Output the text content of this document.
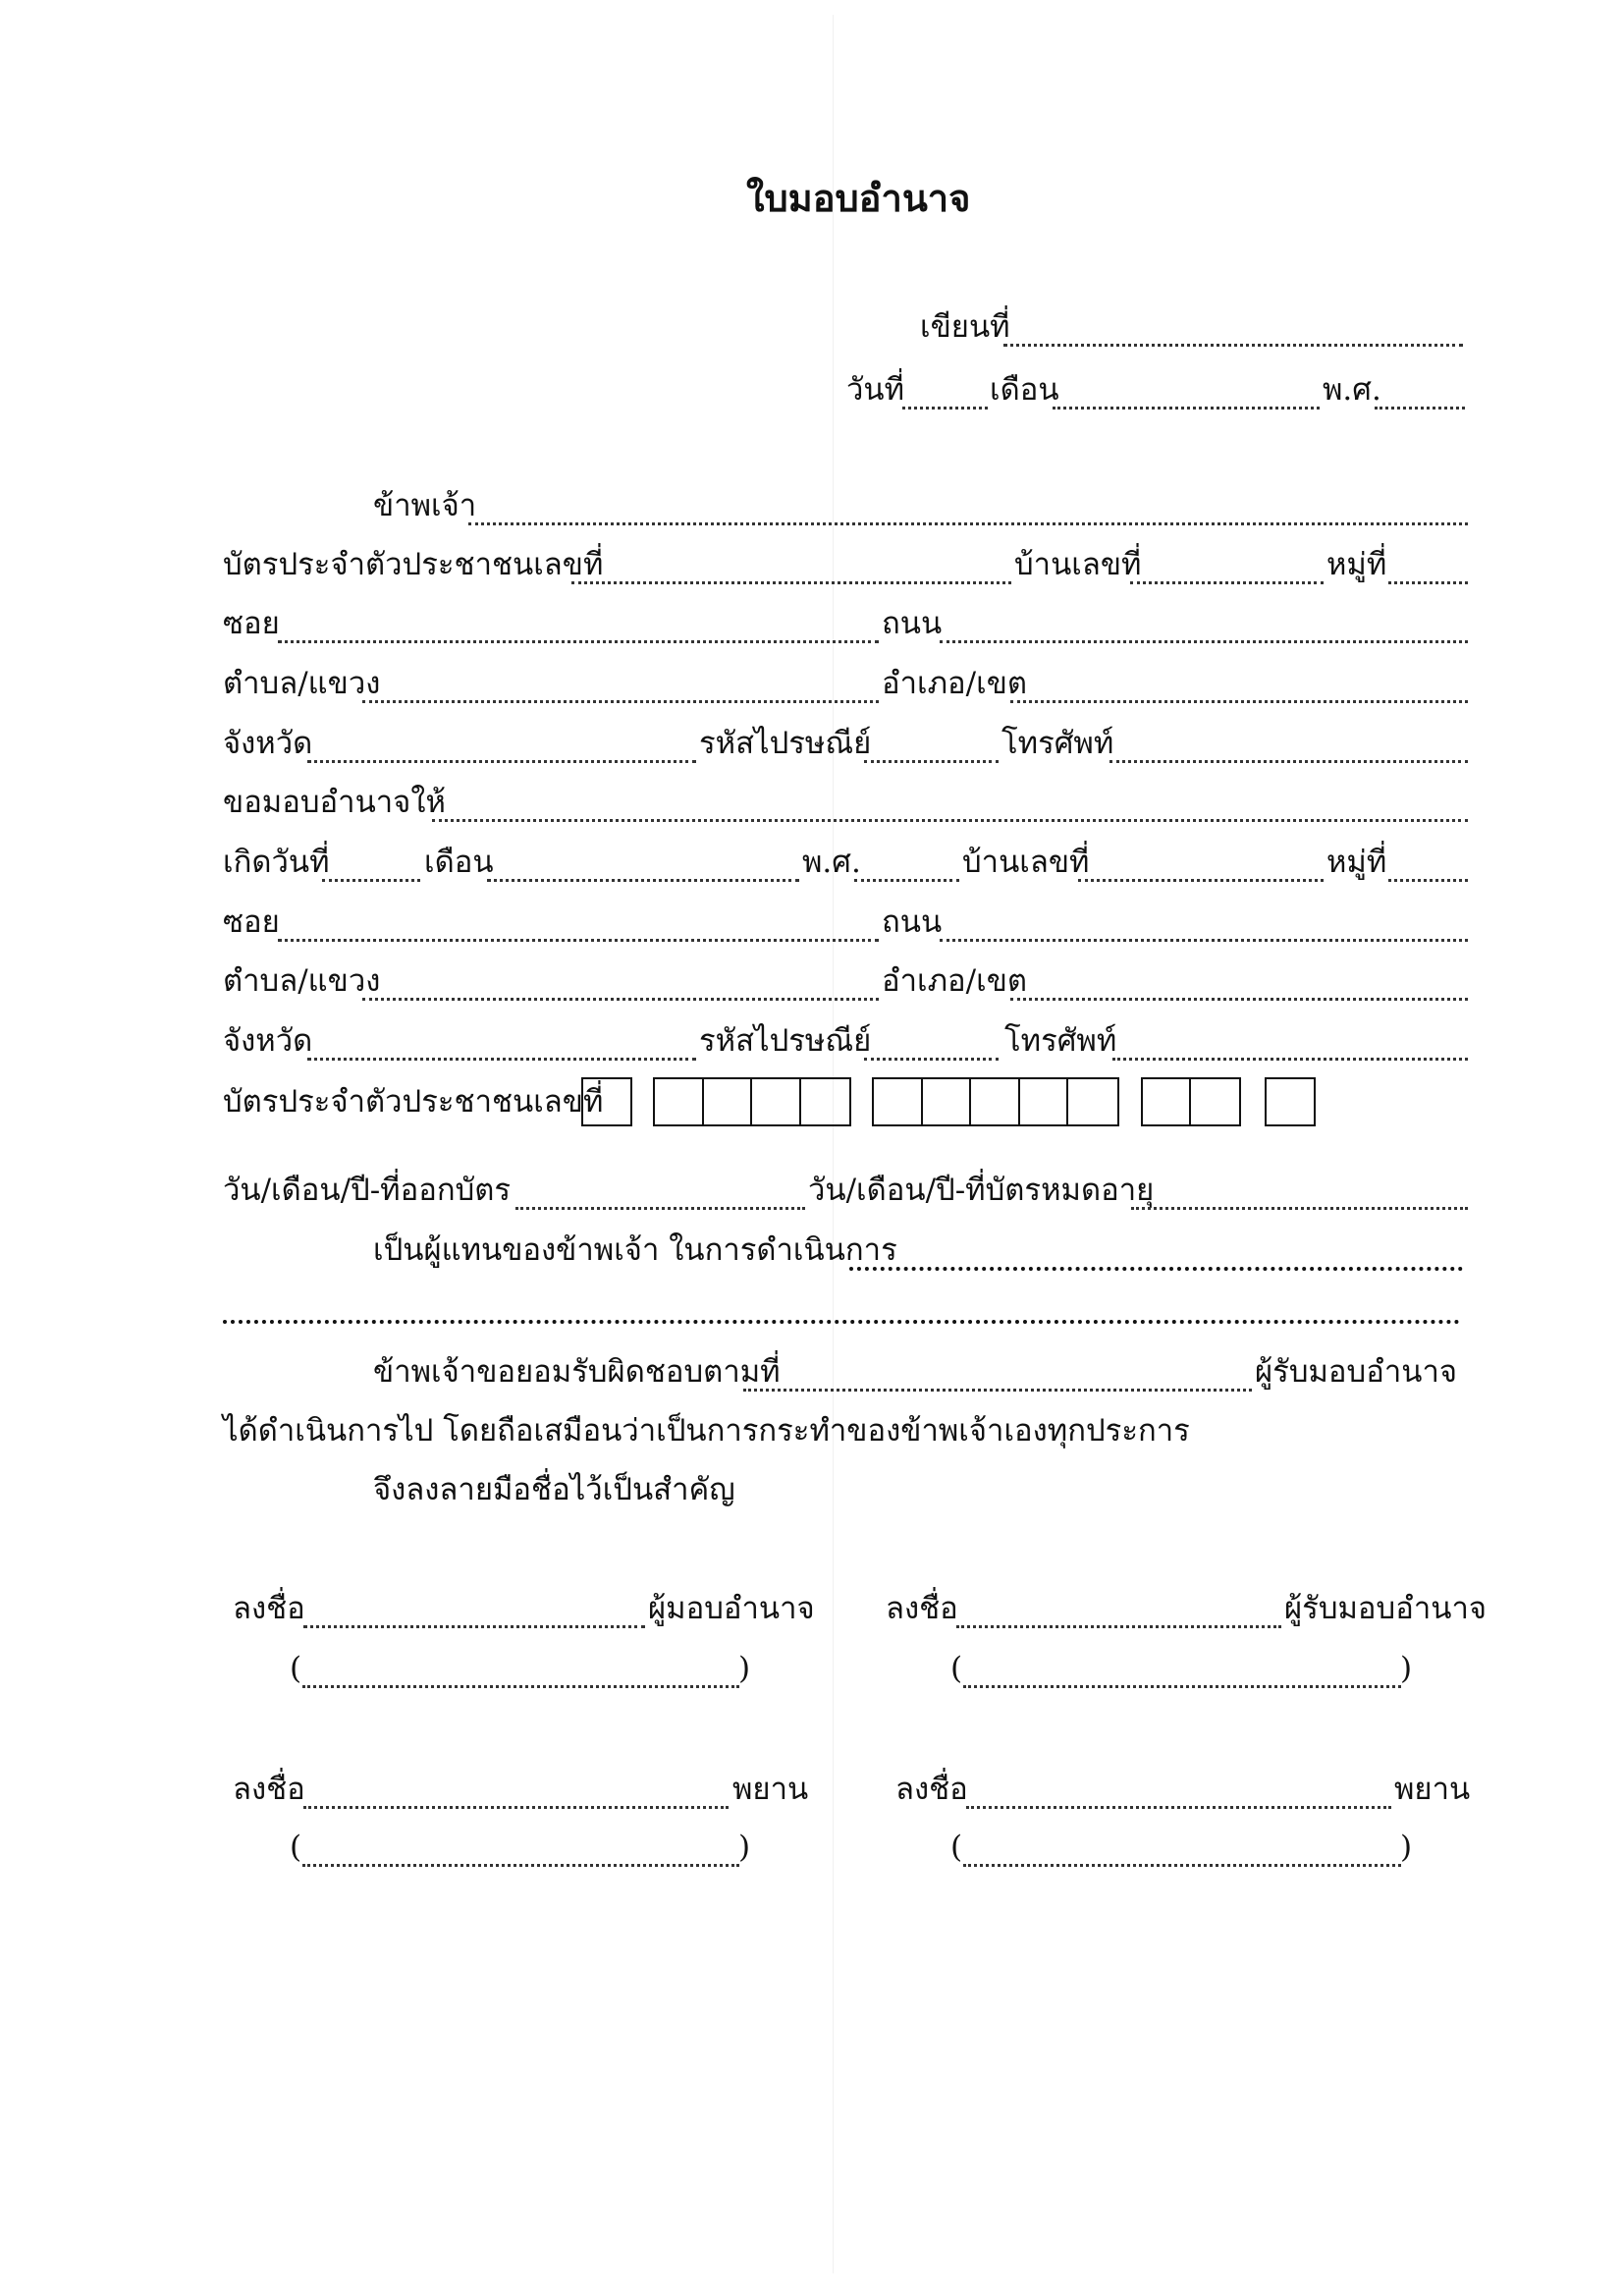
ใบมอบอำนาจ
เขียนที่
วันที่	เดือน	พ.ศ.
ข้าพเจ้า
บัตรประจำตัวประชาชนเลขที่	บ้านเลขที่	หมู่ที่
ซอย	ถนน
ตำบล/แขวง	อำเภอ/เขต
จังหวัด	รหัสไปรษณีย์	โทรศัพท์
ขอมอบอำนาจให้
เกิดวันที่	เดือน	พ.ศ.	บ้านเลขที่	หมู่ที่
ซอย	ถนน
ตำบล/แขวง	อำเภอ/เขต
จังหวัด	รหัสไปรษณีย์	โทรศัพท์
บัตรประจำตัวประชาชนเลขที่
วัน/เดือน/ปี-ที่ออกบัตร	วัน/เดือน/ปี-ที่บัตรหมดอายุ
เป็นผู้แทนของข้าพเจ้า ในการดำเนินการ
ข้าพเจ้าขอยอมรับผิดชอบตามที่	ผู้รับมอบอำนาจ
ได้ดำเนินการไป โดยถือเสมือนว่าเป็นการกระทำของข้าพเจ้าเองทุกประการ
จึงลงลายมือชื่อไว้เป็นสำคัญ
ลงชื่อ	ผู้มอบอำนาจ ลงชื่อ	ผู้รับมอบอำนาจ
(	)	(	)
ลงชื่อ	พยาน	ลงชื่อ	พยาน
(	)	(	)
